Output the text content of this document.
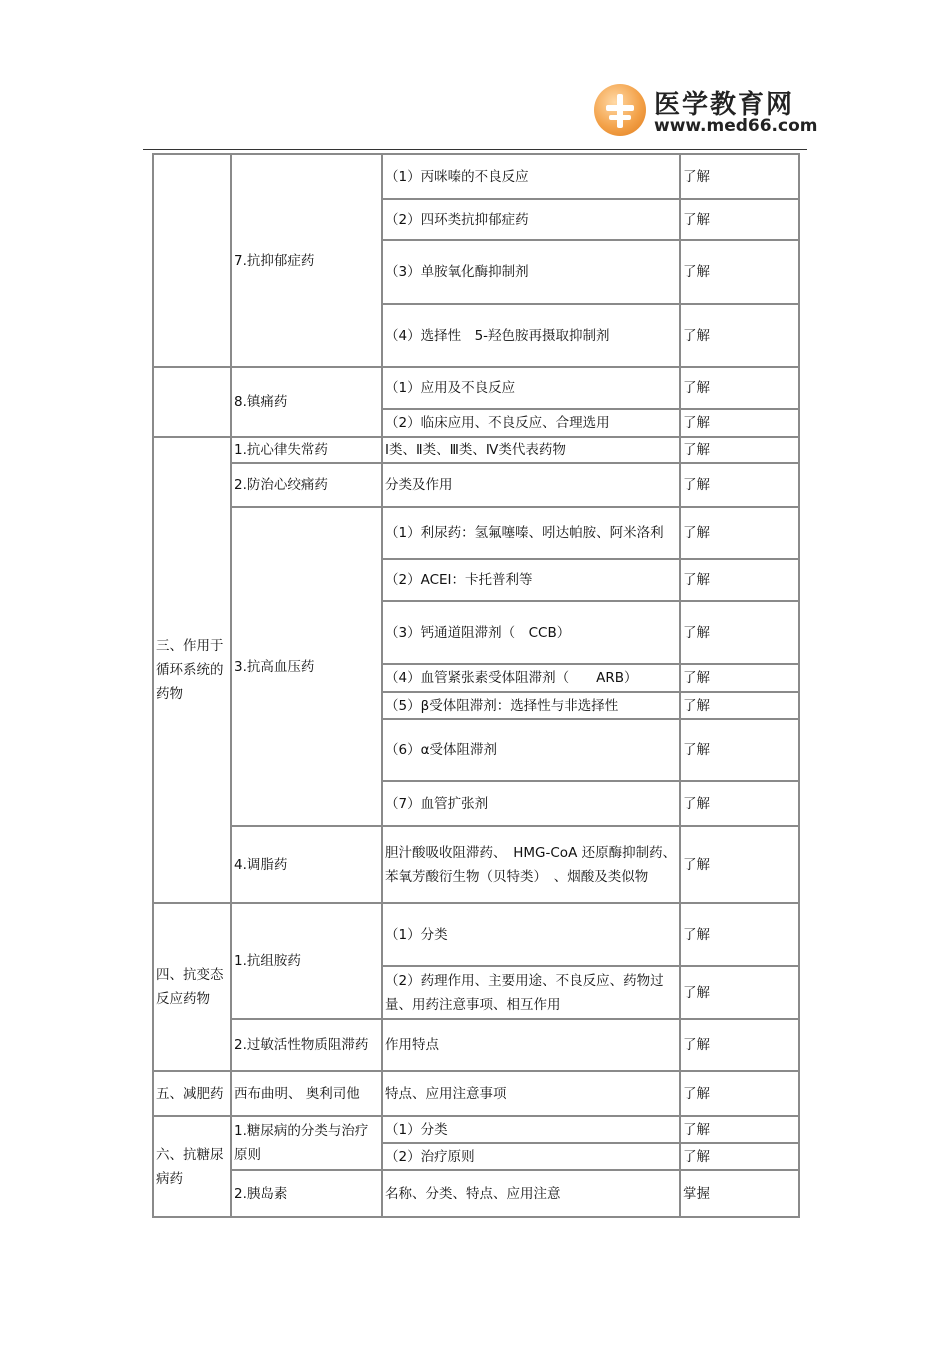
医学教育网
www.med66.com
	7.抗抑郁症药	（1）丙咪嗪的不良反应	了解
		（2）四环类抗抑郁症药	了解
		（3）单胺氧化酶抑制剂	了解
		（4）选择性　5-羟色胺再摄取抑制剂	了解
	8.镇痛药	（1）应用及不良反应	了解
		（2）临床应用、不良反应、合理选用	了解
三、作用于循环系统的药物	1.抗心律失常药	Ⅰ类、Ⅱ类、Ⅲ类、Ⅳ类代表药物	了解
	2.防治心绞痛药	分类及作用	了解
	3.抗高血压药	（1）利尿药：氢氟噻嗪、吲达帕胺、阿米洛利	了解
		（2）ACEI：卡托普利等	了解
		（3）钙通道阻滞剂（　CCB）	了解
		（4）血管紧张素受体阻滞剂（　　ARB）	了解
		（5）β受体阻滞剂：选择性与非选择性	了解
		（6）α受体阻滞剂	了解
		（7）血管扩张剂	了解
	4.调脂药	胆汁酸吸收阻滞药、　HMG-CoA 还原酶抑制药、苯氧芳酸衍生物（贝特类）　、烟酸及类似物	了解
四、抗变态反应药物	1.抗组胺药	（1）分类	了解
		（2）药理作用、主要用途、不良反应、药物过量、用药注意事项、相互作用	了解
	2.过敏活性物质阻滞药	作用特点	了解
五、减肥药	西布曲明、 奥利司他	特点、应用注意事项	了解
六、抗糖尿病药	1.糖尿病的分类与治疗原则	（1）分类	了解
		（2）治疗原则	了解
	2.胰岛素	名称、分类、特点、应用注意	掌握
